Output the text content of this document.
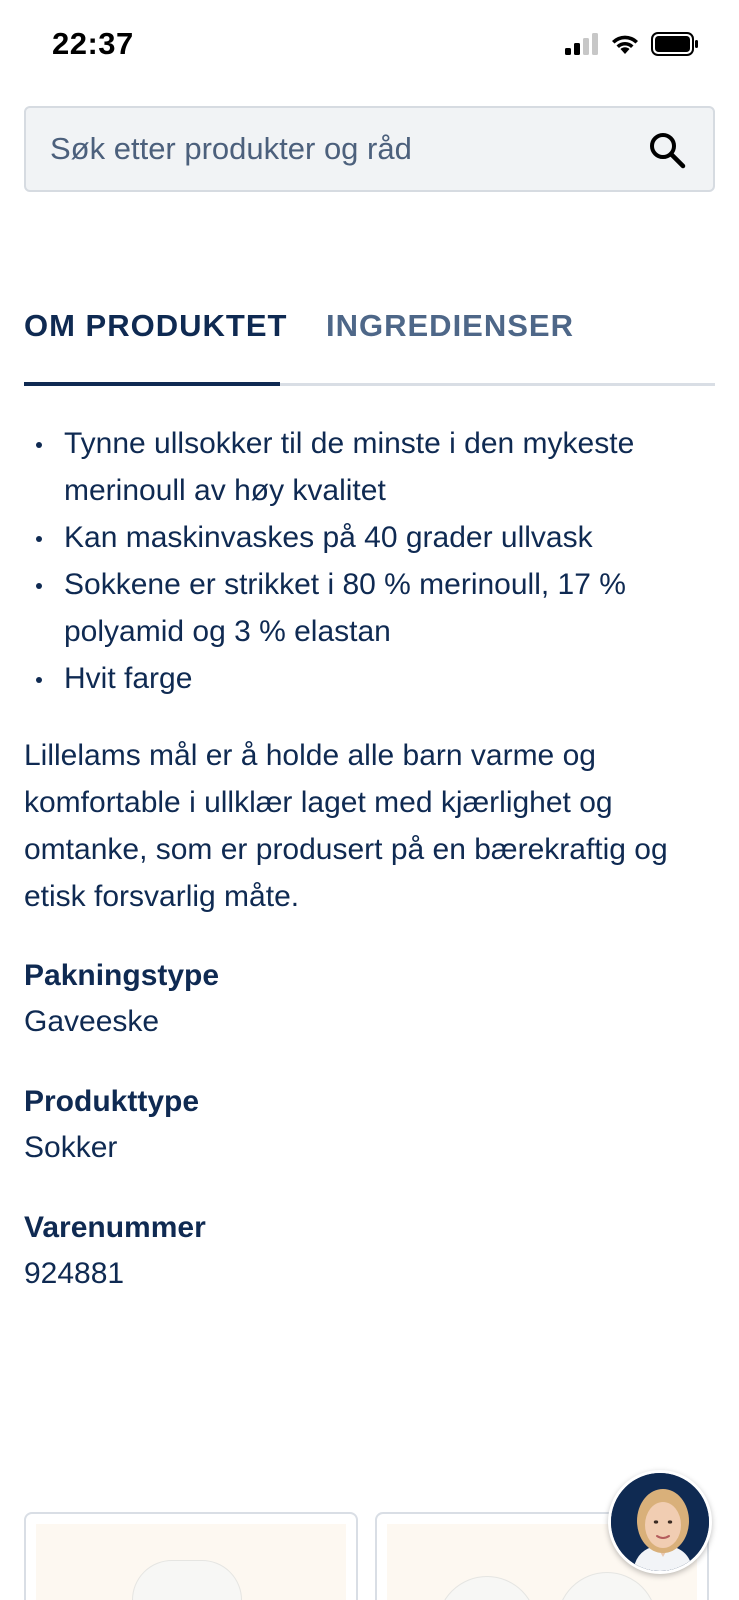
22:37
Søk etter produkter og råd
OM PRODUKTET INGREDIENSER
Tynne ullsokker til de minste i den mykeste merinoull av høy kvalitet
Kan maskinvaskes på 40 grader ullvask
Sokkene er strikket i 80 % merinoull, 17 % polyamid og 3 % elastan
Hvit farge

Lillelams mål er å holde alle barn varme og komfortable i ullklær laget med kjærlighet og omtanke, som er produsert på en bærekraftig og etisk forsvarlig måte.

Pakningstype
Gaveeske
Produkttype
Sokker
Varenummer
924881
